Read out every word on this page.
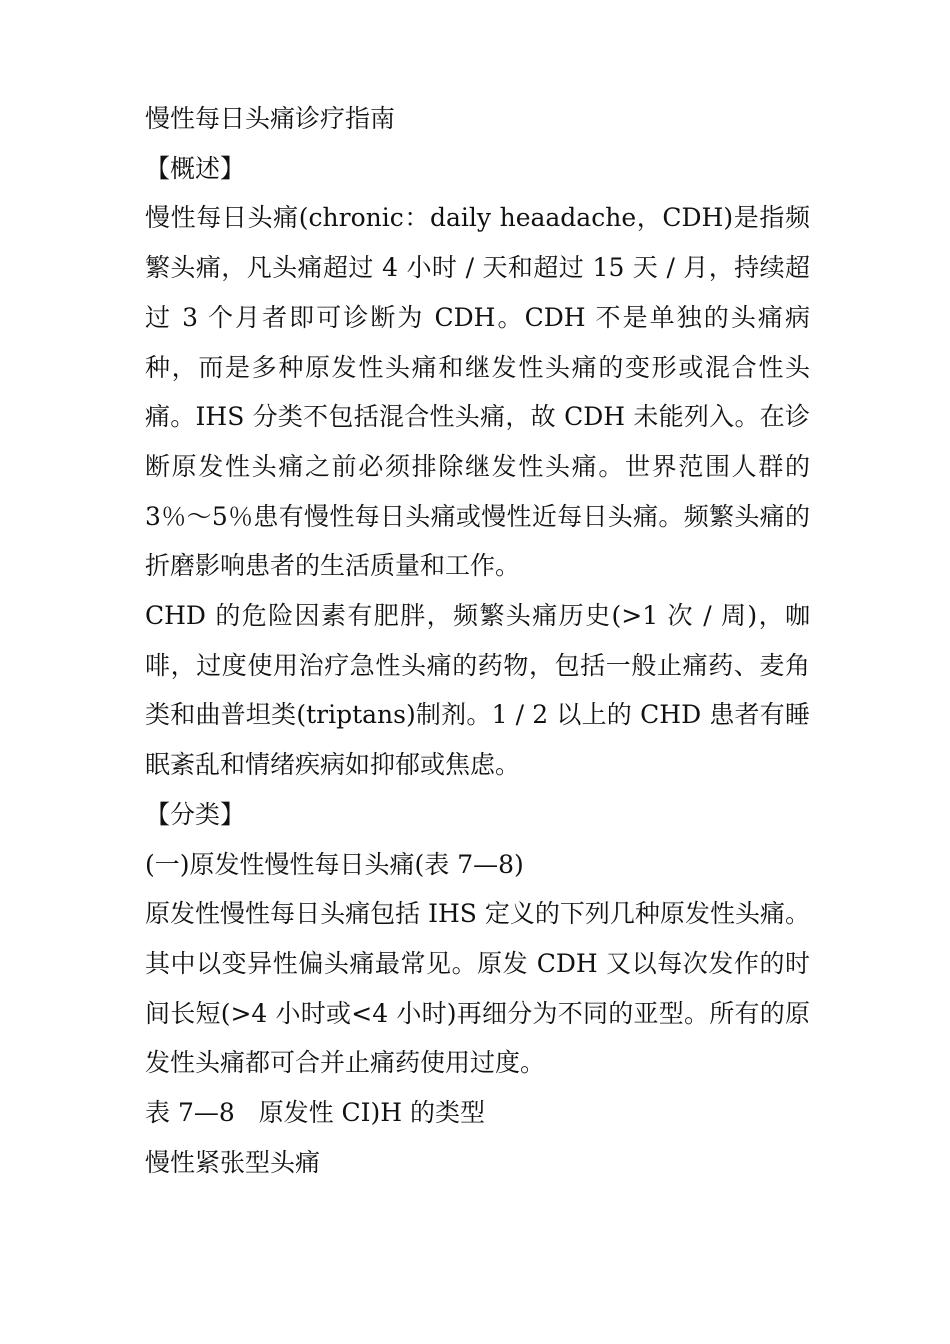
慢性每日头痛诊疗指南

【概述】

慢性每日头痛(chronic：daily heaadache，CDH)是指频繁头痛，凡头痛超过 4 小时 / 天和超过 15 天 / 月，持续超过 3 个月者即可诊断为 CDH。CDH 不是单独的头痛病种，而是多种原发性头痛和继发性头痛的变形或混合性头痛。IHS 分类不包括混合性头痛，故 CDH 未能列入。在诊断原发性头痛之前必须排除继发性头痛。世界范围人群的 3％～5％患有慢性每日头痛或慢性近每日头痛。频繁头痛的折磨影响患者的生活质量和工作。

CHD 的危险因素有肥胖，频繁头痛历史(>1 次 / 周)，咖啡，过度使用治疗急性头痛的药物，包括一般止痛药、麦角类和曲普坦类(triptans)制剂。1 / 2 以上的 CHD 患者有睡眠紊乱和情绪疾病如抑郁或焦虑。

【分类】

(一)原发性慢性每日头痛(表 7—8)

原发性慢性每日头痛包括 IHS 定义的下列几种原发性头痛。其中以变异性偏头痛最常见。原发 CDH 又以每次发作的时间长短(>4 小时或<4 小时)再细分为不同的亚型。所有的原发性头痛都可合并止痛药使用过度。

表 7—8   原发性 CI)H 的类型

慢性紧张型头痛
